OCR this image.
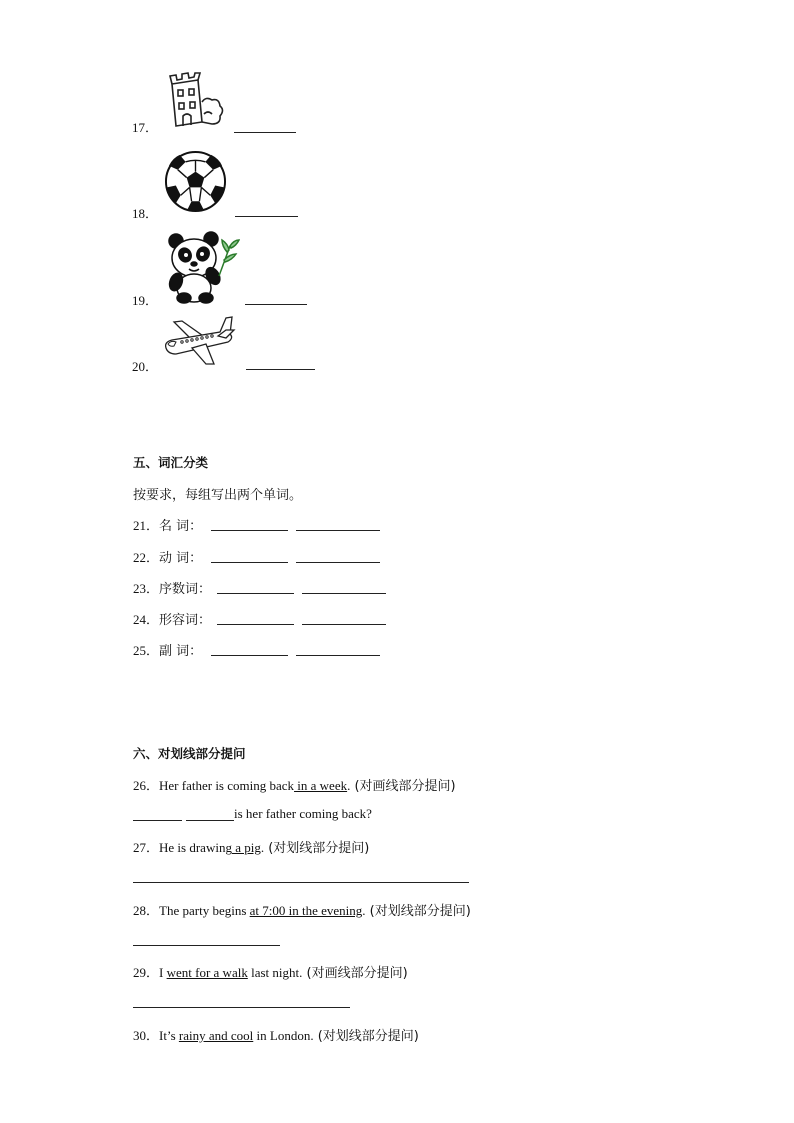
17．
18．
19．
20．
五、词汇分类
按要求，每组写出两个单词。
21．名 词：
22．动 词：
23．序数词：
24．形容词：
25．副 词：
六、对划线部分提问
26．Her father is coming back in a week. (对画线部分提问)
is her father coming back?
27．He is drawing a pig. (对划线部分提问)
28．The party begins at 7:00 in the evening. (对划线部分提问)
29．I went for a walk last night. (对画线部分提问)
30．It’s rainy and cool in London. (对划线部分提问)
